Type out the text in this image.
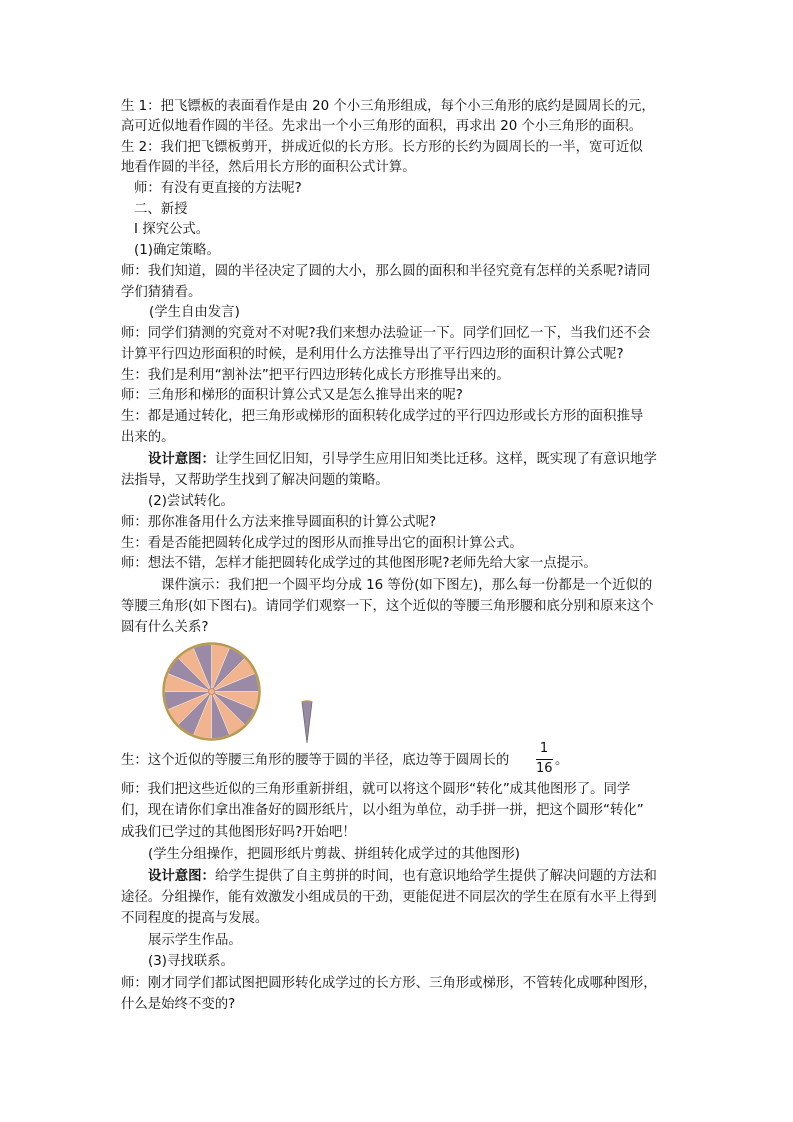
生 1：把飞镖板的表面看作是由 20 个小三角形组成，每个小三角形的底约是圆周长的元，
高可近似地看作圆的半径。先求出一个小三角形的面积，再求出 20 个小三角形的面积。
生 2：我们把飞镖板剪开，拼成近似的长方形。长方形的长约为圆周长的一半，宽可近似
地看作圆的半径，然后用长方形的面积公式计算。
师：有没有更直接的方法呢?
二、新授
I 探究公式。
(1)确定策略。
师：我们知道，圆的半径决定了圆的大小，那么圆的面积和半径究竟有怎样的关系呢?请同
学们猜猜看。
(学生自由发言)
师：同学们猜测的究竟对不对呢?我们来想办法验证一下。同学们回忆一下，当我们还不会
计算平行四边形面积的时候，是利用什么方法推导出了平行四边形的面积计算公式呢?
生：我们是利用“割补法”把平行四边形转化成长方形推导出来的。
师：三角形和梯形的面积计算公式又是怎么推导出来的呢?
生：都是通过转化，把三角形或梯形的面积转化成学过的平行四边形或长方形的面积推导
出来的。
设计意图：让学生回忆旧知，引导学生应用旧知类比迁移。这样，既实现了有意识地学
法指导，又帮助学生找到了解决问题的策略。
(2)尝试转化。
师：那你准备用什么方法来推导圆面积的计算公式呢?
生：看是否能把圆转化成学过的图形从而推导出它的面积计算公式。
师：想法不错，怎样才能把圆转化成学过的其他图形呢?老师先给大家一点提示。
课件演示：我们把一个圆平均分成 16 等份(如下图左)，那么每一份都是一个近似的
等腰三角形(如下图右)。请同学们观察一下，这个近似的等腰三角形腰和底分别和原来这个
圆有什么关系?
生：这个近似的等腰三角形的腰等于圆的半径，底边等于圆周长的
1
16
。
师：我们把这些近似的三角形重新拼组，就可以将这个圆形“转化”成其他图形了。同学
们，现在请你们拿出准备好的圆形纸片，以小组为单位，动手拼一拼，把这个圆形“转化”
成我们已学过的其他图形好吗?开始吧！
(学生分组操作，把圆形纸片剪裁、拼组转化成学过的其他图形)
设计意图：给学生提供了自主剪拼的时间，也有意识地给学生提供了解决问题的方法和
途径。分组操作，能有效激发小组成员的干劲，更能促进不同层次的学生在原有水平上得到
不同程度的提高与发展。
展示学生作品。
(3)寻找联系。
师：刚才同学们都试图把圆形转化成学过的长方形、三角形或梯形，不管转化成哪种图形，
什么是始终不变的?
